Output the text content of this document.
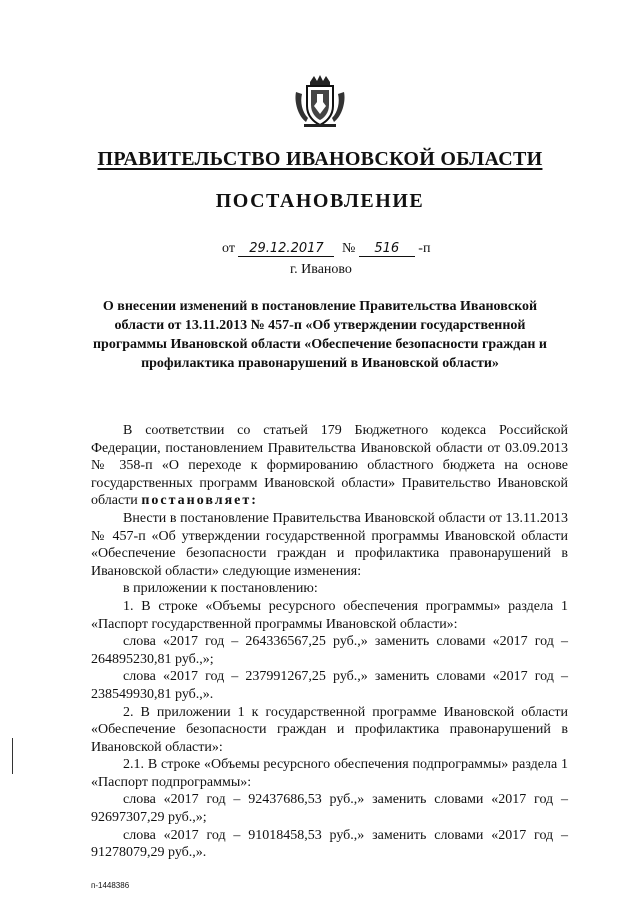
ПРАВИТЕЛЬСТВО ИВАНОВСКОЙ ОБЛАСТИ
ПОСТАНОВЛЕНИЕ
от 29.12.2017 № 516 -п
г. Иваново
О внесении изменений в постановление Правительства Ивановской области от 13.11.2013 № 457-п «Об утверждении государственной программы Ивановской области «Обеспечение безопасности граждан и профилактика правонарушений в Ивановской области»

В соответствии со статьей 179 Бюджетного кодекса Российской Федерации, постановлением Правительства Ивановской области от 03.09.2013 № 358-п «О переходе к формированию областного бюджета на основе государственных программ Ивановской области» Правительство Ивановской области постановляет:

Внести в постановление Правительства Ивановской области от 13.11.2013 № 457-п «Об утверждении государственной программы Ивановской области «Обеспечение безопасности граждан и профилактика правонарушений в Ивановской области» следующие изменения:

в приложении к постановлению:

1. В строке «Объемы ресурсного обеспечения программы» раздела 1 «Паспорт государственной программы Ивановской области»:

слова «2017 год – 264336567,25 руб.,» заменить словами «2017 год – 264895230,81 руб.,»;

слова «2017 год – 237991267,25 руб.,» заменить словами «2017 год – 238549930,81 руб.,».

2. В приложении 1 к государственной программе Ивановской области «Обеспечение безопасности граждан и профилактика правонарушений в Ивановской области»:

2.1. В строке «Объемы ресурсного обеспечения подпрограммы» раздела 1 «Паспорт подпрограммы»:

слова «2017 год – 92437686,53 руб.,» заменить словами «2017 год – 92697307,29 руб.,»;

слова «2017 год – 91018458,53 руб.,» заменить словами «2017 год – 91278079,29 руб.,».

п-1448386
